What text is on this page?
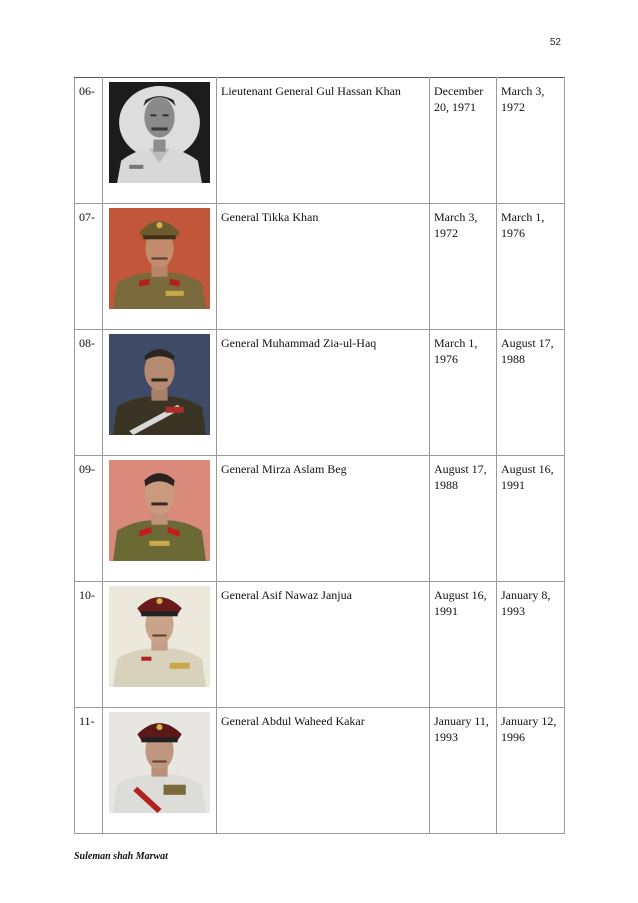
52
06-		Lieutenant General Gul Hassan Khan	December 20, 1971	March 3, 1972
07-		General Tikka Khan	March 3, 1972	March 1, 1976
08-		General Muhammad Zia-ul-Haq	March 1, 1976	August 17, 1988
09-		General Mirza Aslam Beg	August 17, 1988	August 16, 1991
10-		General Asif Nawaz Janjua	August 16, 1991	January 8, 1993
11-		General Abdul Waheed Kakar	January 11, 1993	January 12, 1996
Suleman shah Marwat
